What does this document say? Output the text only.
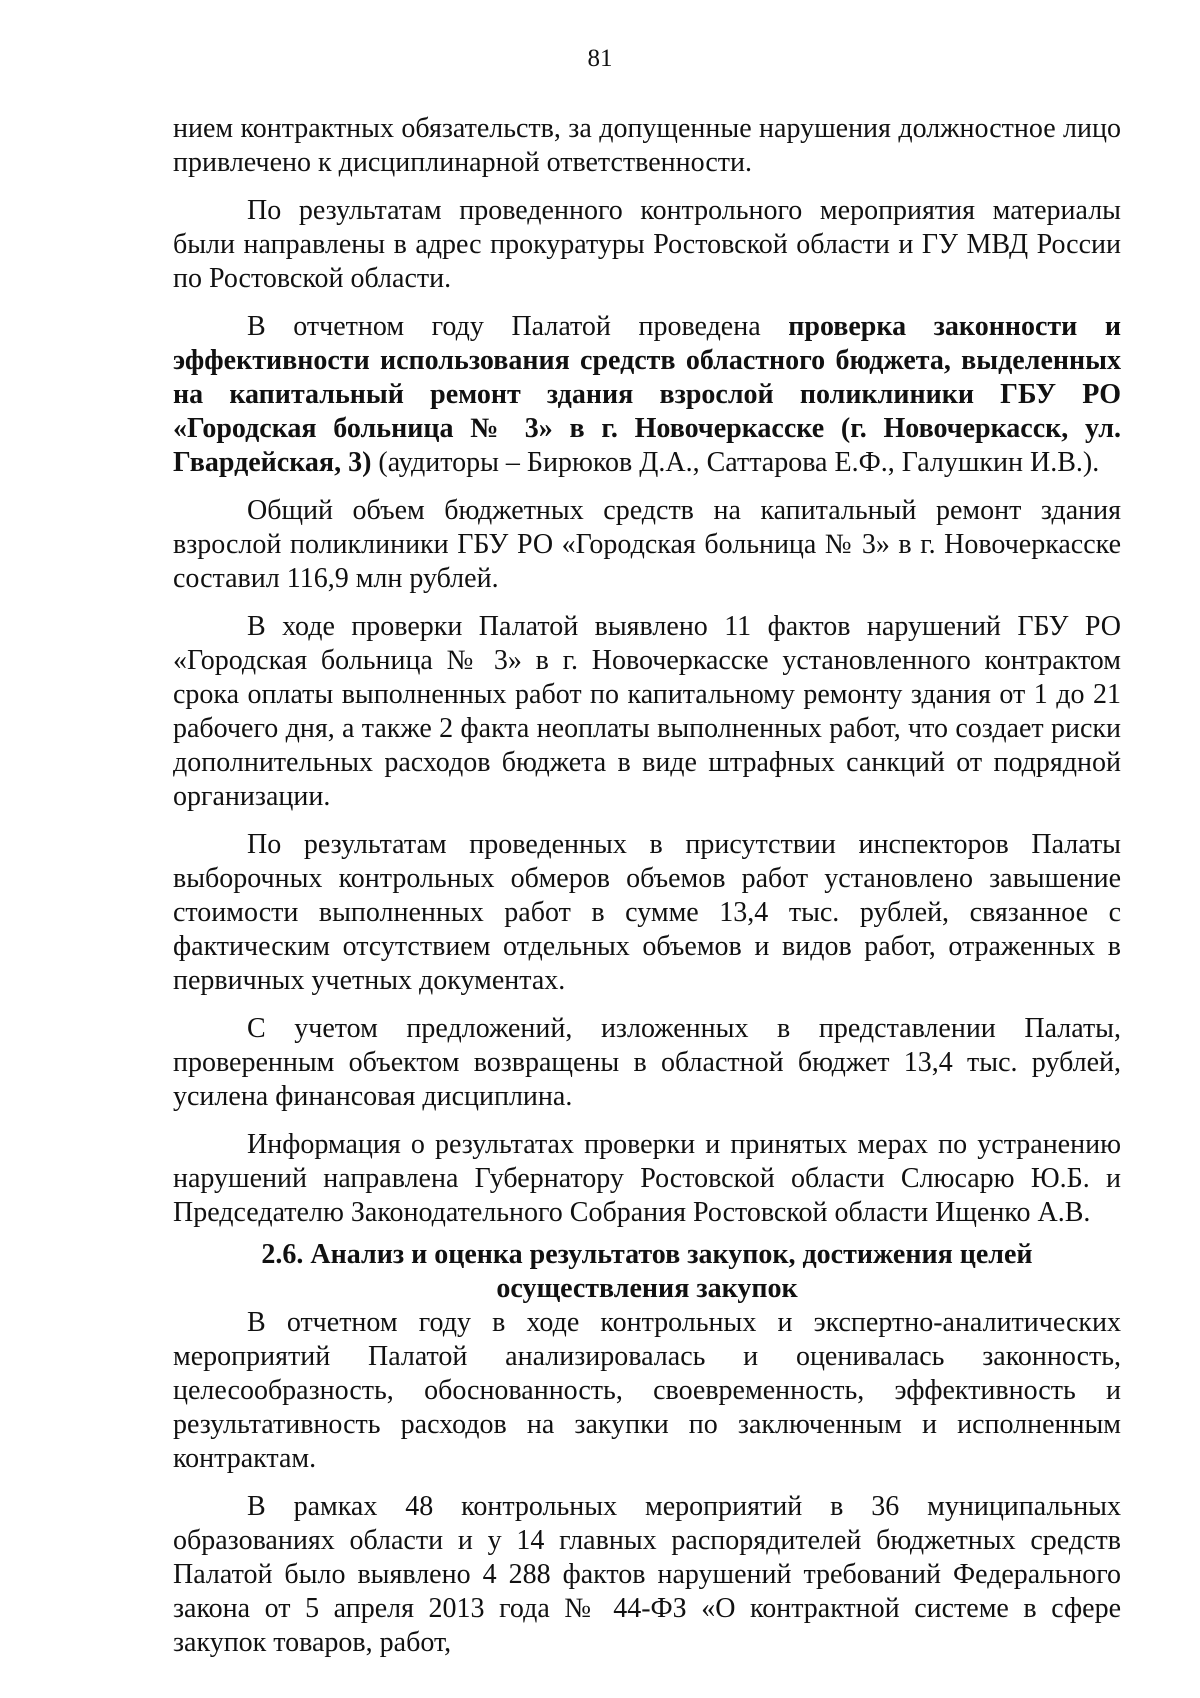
81

нием контрактных обязательств, за допущенные нарушения должностное лицо привлечено к дисциплинарной ответственности.

По результатам проведенного контрольного мероприятия материалы были направлены в адрес прокуратуры Ростовской области и ГУ МВД России по Ростовской области.

В отчетном году Палатой проведена проверка законности и эффективности использования средств областного бюджета, выделенных на капитальный ремонт здания взрослой поликлиники ГБУ РО «Городская больница № 3» в г. Новочеркасске (г. Новочеркасск, ул. Гвардейская, 3) (аудиторы – Бирюков Д.А., Саттарова Е.Ф., Галушкин И.В.).

Общий объем бюджетных средств на капитальный ремонт здания взрослой поликлиники ГБУ РО «Городская больница № 3» в г. Новочеркасске составил 116,9 млн рублей.

В ходе проверки Палатой выявлено 11 фактов нарушений ГБУ РО «Городская больница № 3» в г. Новочеркасске установленного контрактом срока оплаты выполненных работ по капитальному ремонту здания от 1 до 21 рабочего дня, а также 2 факта неоплаты выполненных работ, что создает риски дополнительных расходов бюджета в виде штрафных санкций от подрядной организации.

По результатам проведенных в присутствии инспекторов Палаты выборочных контрольных обмеров объемов работ установлено завышение стоимости выполненных работ в сумме 13,4 тыс. рублей, связанное с фактическим отсутствием отдельных объемов и видов работ, отраженных в первичных учетных документах.

С учетом предложений, изложенных в представлении Палаты, проверенным объектом возвращены в областной бюджет 13,4 тыс. рублей, усилена финансовая дисциплина.

Информация о результатах проверки и принятых мерах по устранению нарушений направлена Губернатору Ростовской области Слюсарю Ю.Б. и Председателю Законодательного Собрания Ростовской области Ищенко А.В.

2.6. Анализ и оценка результатов закупок, достижения целей
осуществления закупок

В отчетном году в ходе контрольных и экспертно-аналитических мероприятий Палатой анализировалась и оценивалась законность, целесообразность, обоснованность, своевременность, эффективность и результативность расходов на закупки по заключенным и исполненным контрактам.

В рамках 48 контрольных мероприятий в 36 муниципальных образованиях области и у 14 главных распорядителей бюджетных средств Палатой было выявлено 4 288 фактов нарушений требований Федерального закона от 5 апреля 2013 года № 44-ФЗ «О контрактной системе в сфере закупок товаров, работ,
